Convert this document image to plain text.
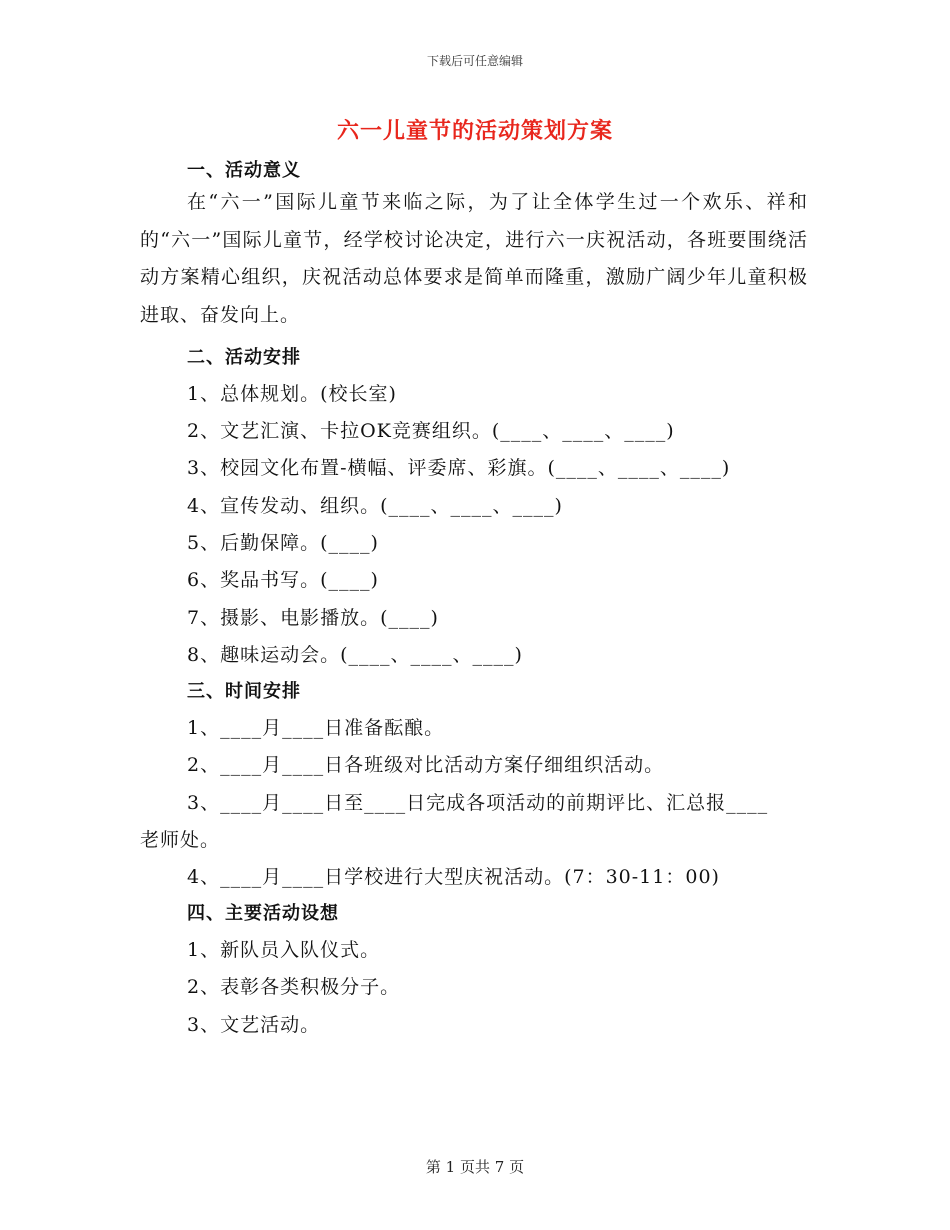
下载后可任意编辑
六一儿童节的活动策划方案
一、活动意义
在“六一”国际儿童节来临之际，为了让全体学生过一个欢乐、祥和的“六一”国际儿童节，经学校讨论决定，进行六一庆祝活动，各班要围绕活动方案精心组织，庆祝活动总体要求是简单而隆重，激励广阔少年儿童积极进取、奋发向上。
二、活动安排
1、总体规划。(校长室)
2、文艺汇演、卡拉OK竞赛组织。(____、____、____)
3、校园文化布置-横幅、评委席、彩旗。(____、____、____)
4、宣传发动、组织。(____、____、____)
5、后勤保障。(____)
6、奖品书写。(____)
7、摄影、电影播放。(____)
8、趣味运动会。(____、____、____)
三、时间安排
1、____月____日准备酝酿。
2、____月____日各班级对比活动方案仔细组织活动。
3、____月____日至____日完成各项活动的前期评比、汇总报____
老师处。
4、____月____日学校进行大型庆祝活动。(7：30-11：00)
四、主要活动设想
1、新队员入队仪式。
2、表彰各类积极分子。
3、文艺活动。
第 1 页共 7 页
